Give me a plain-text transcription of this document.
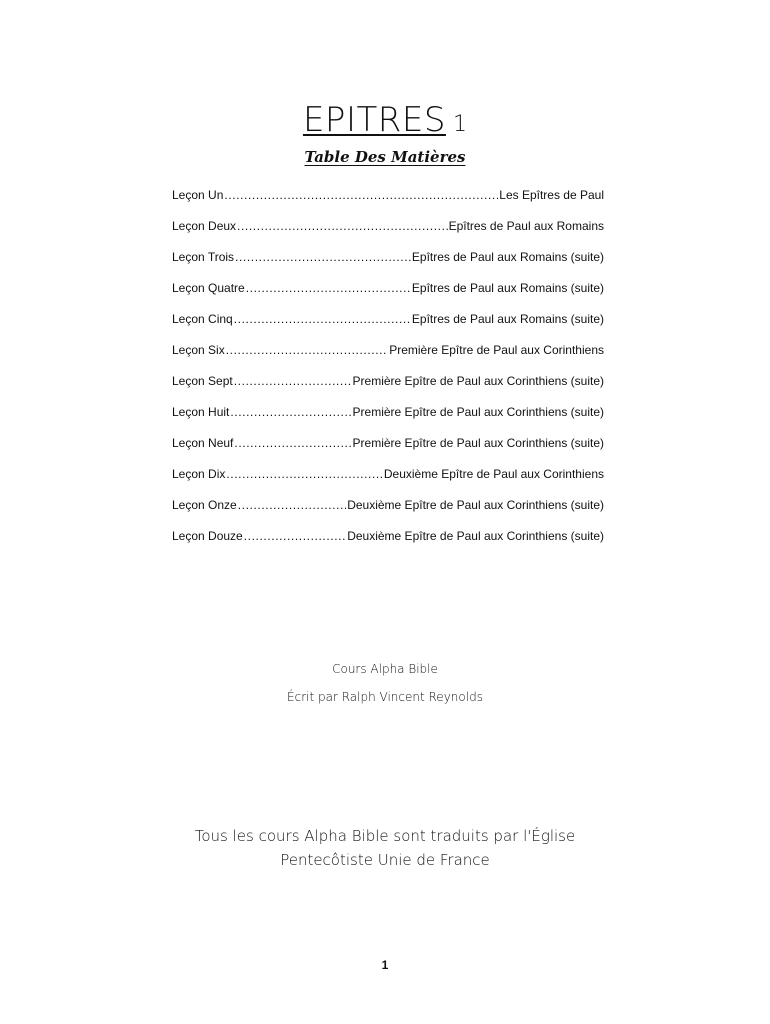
EPITRES 1
Table Des Matières
Leçon Un .....	Les Epîtres de Paul
Leçon Deux .....	Epîtres de Paul aux Romains
Leçon Trois .....	Epîtres de Paul aux Romains (suite)
Leçon Quatre .....	Epîtres de Paul aux Romains (suite)
Leçon Cinq .....	Epîtres de Paul aux Romains (suite)
Leçon Six .....	Première Epître de Paul aux Corinthiens
Leçon Sept .....	Première Epître de Paul aux Corinthiens (suite)
Leçon Huit .....	Première Epître de Paul aux Corinthiens (suite)
Leçon Neuf .....	Première Epître de Paul aux Corinthiens (suite)
Leçon Dix .....	Deuxième Epître de Paul aux Corinthiens
Leçon Onze .....	Deuxième Epître de Paul aux Corinthiens (suite)
Leçon Douze .....	Deuxième Epître de Paul aux Corinthiens (suite)
Cours Alpha Bible
Écrit par Ralph Vincent Reynolds
Tous les cours Alpha Bible sont traduits par l'Église
Pentecôtiste Unie de France
1
